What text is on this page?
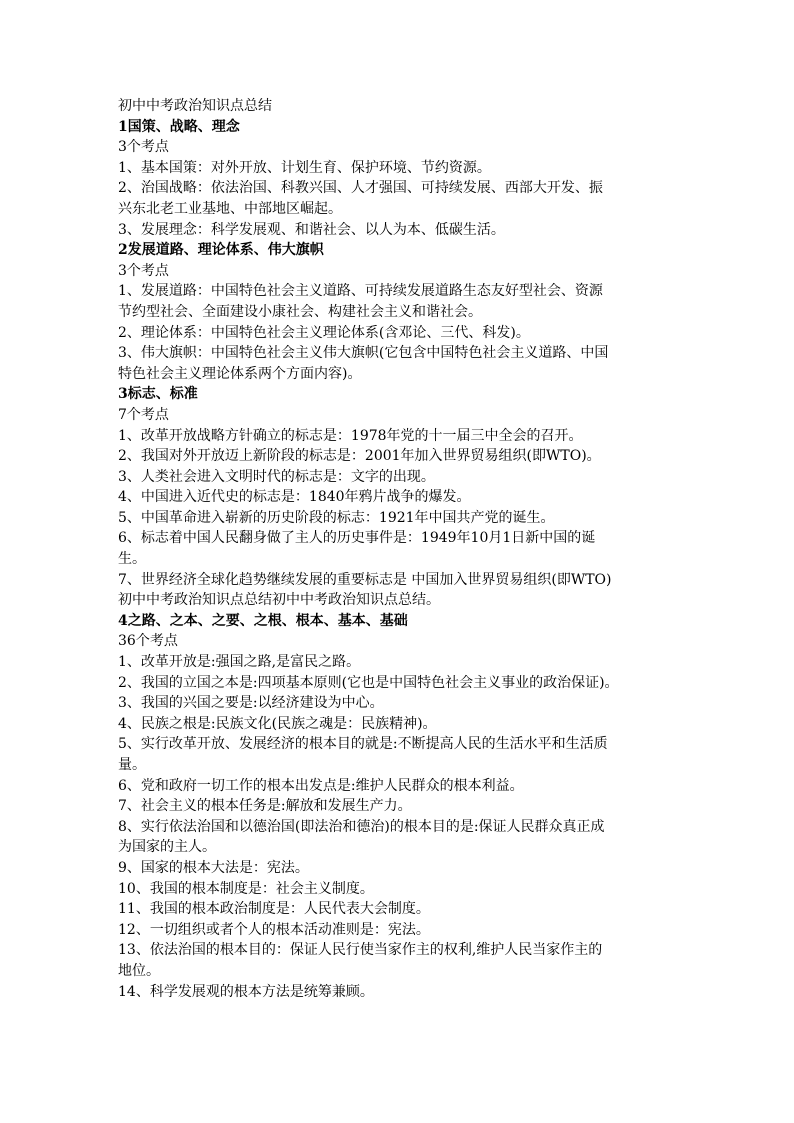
初中中考政治知识点总结
1国策、战略、理念
3个考点
1、基本国策：对外开放、计划生育、保护环境、节约资源。
2、治国战略：依法治国、科教兴国、人才强国、可持续发展、西部大开发、振
兴东北老工业基地、中部地区崛起。
3、发展理念：科学发展观、和谐社会、以人为本、低碳生活。
2发展道路、理论体系、伟大旗帜
3个考点
1、发展道路：中国特色社会主义道路、可持续发展道路生态友好型社会、资源
节约型社会、全面建设小康社会、构建社会主义和谐社会。
2、理论体系：中国特色社会主义理论体系(含邓论、三代、科发)。
3、伟大旗帜：中国特色社会主义伟大旗帜(它包含中国特色社会主义道路、中国
特色社会主义理论体系两个方面内容)。
3标志、标准
7个考点
1、改革开放战略方针确立的标志是：1978年党的十一届三中全会的召开。
2、我国对外开放迈上新阶段的标志是：2001年加入世界贸易组织(即WTO)。
3、人类社会进入文明时代的标志是：文字的出现。
4、中国进入近代史的标志是：1840年鸦片战争的爆发。
5、中国革命进入崭新的历史阶段的标志：1921年中国共产党的诞生。
6、标志着中国人民翻身做了主人的历史事件是：1949年10月1日新中国的诞
生。
7、世界经济全球化趋势继续发展的重要标志是 中国加入世界贸易组织(即WTO)
初中中考政治知识点总结初中中考政治知识点总结。
4之路、之本、之要、之根、根本、基本、基础
36个考点
1、改革开放是:强国之路,是富民之路。
2、我国的立国之本是:四项基本原则(它也是中国特色社会主义事业的政治保证)。
3、我国的兴国之要是:以经济建设为中心。
4、民族之根是:民族文化(民族之魂是：民族精神)。
5、实行改革开放、发展经济的根本目的就是:不断提高人民的生活水平和生活质
量。
6、党和政府一切工作的根本出发点是:维护人民群众的根本利益。
7、社会主义的根本任务是:解放和发展生产力。
8、实行依法治国和以德治国(即法治和德治)的根本目的是:保证人民群众真正成
为国家的主人。
9、国家的根本大法是：宪法。
10、我国的根本制度是：社会主义制度。
11、我国的根本政治制度是：人民代表大会制度。
12、一切组织或者个人的根本活动准则是：宪法。
13、依法治国的根本目的：保证人民行使当家作主的权利,维护人民当家作主的
地位。
14、科学发展观的根本方法是统筹兼顾。
